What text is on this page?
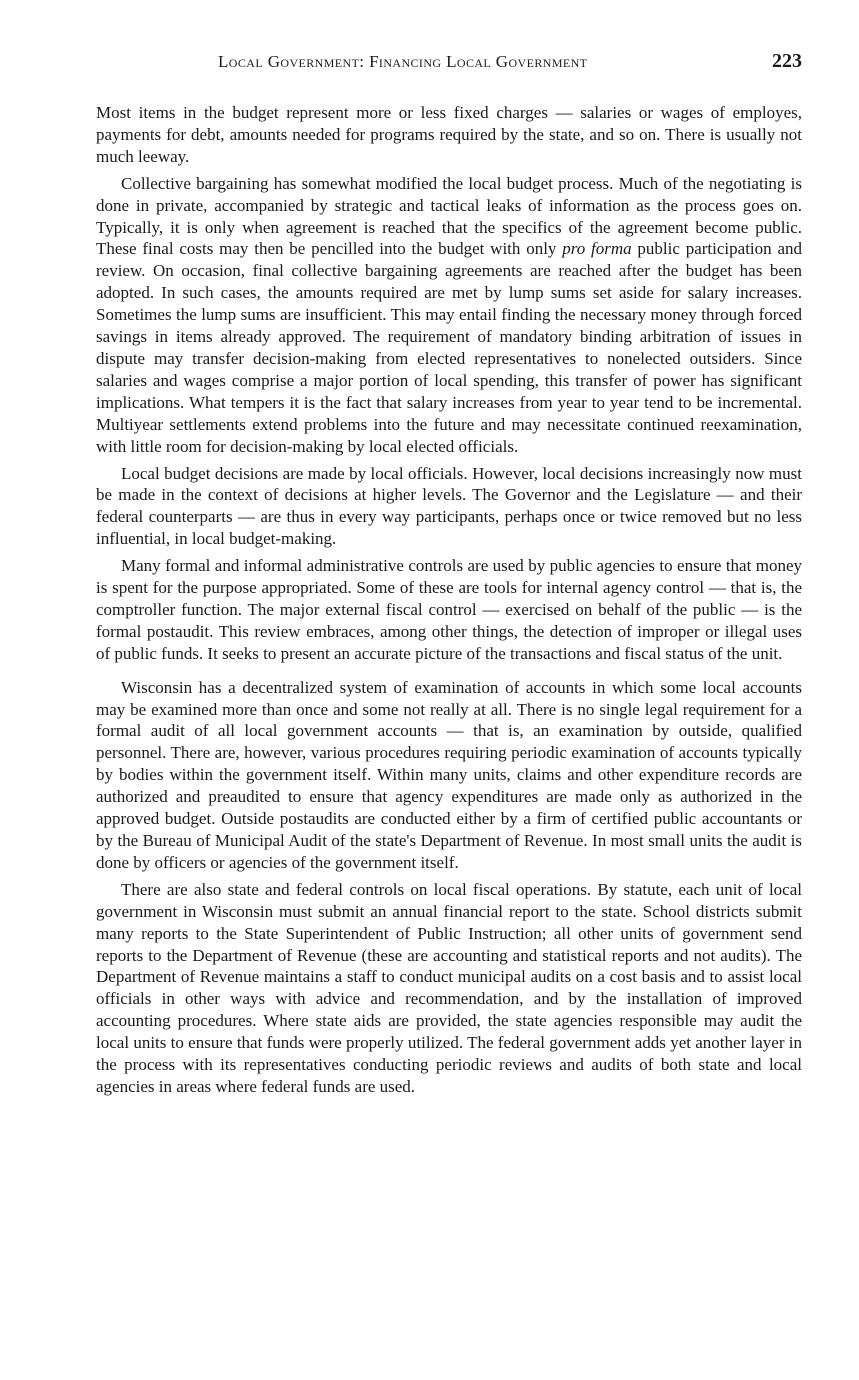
Local Government: Financing Local Government	223

Most items in the budget represent more or less fixed charges — salaries or wages of employes, payments for debt, amounts needed for programs required by the state, and so on. There is usually not much leeway.

Collective bargaining has somewhat modified the local budget process. Much of the negotiating is done in private, accompanied by strategic and tactical leaks of information as the process goes on. Typically, it is only when agreement is reached that the specifics of the agreement become public. These final costs may then be pencilled into the budget with only pro forma public participation and review. On occasion, final collective bargaining agreements are reached after the budget has been adopted. In such cases, the amounts required are met by lump sums set aside for salary increases. Sometimes the lump sums are insufficient. This may entail finding the necessary money through forced savings in items already approved. The requirement of mandatory binding arbitration of issues in dispute may transfer decision-making from elected representatives to nonelected outsiders. Since salaries and wages comprise a major portion of local spending, this transfer of power has significant implications. What tempers it is the fact that salary increases from year to year tend to be incremental. Multiyear settlements extend problems into the future and may necessitate continued reexamination, with little room for decision-making by local elected officials.

Local budget decisions are made by local officials. However, local decisions increasingly now must be made in the context of decisions at higher levels. The Governor and the Legislature — and their federal counterparts — are thus in every way participants, perhaps once or twice removed but no less influential, in local budget-making.

Many formal and informal administrative controls are used by public agencies to ensure that money is spent for the purpose appropriated. Some of these are tools for internal agency control — that is, the comptroller function. The major external fiscal control — exercised on behalf of the public — is the formal postaudit. This review embraces, among other things, the detection of improper or illegal uses of public funds. It seeks to present an accurate picture of the transactions and fiscal status of the unit.

Wisconsin has a decentralized system of examination of accounts in which some local accounts may be examined more than once and some not really at all. There is no single legal requirement for a formal audit of all local government accounts — that is, an examination by outside, qualified personnel. There are, however, various procedures requiring periodic examination of accounts typically by bodies within the government itself. Within many units, claims and other expenditure records are authorized and preaudited to ensure that agency expenditures are made only as authorized in the approved budget. Outside postaudits are conducted either by a firm of certified public accountants or by the Bureau of Municipal Audit of the state's Department of Revenue. In most small units the audit is done by officers or agencies of the government itself.

There are also state and federal controls on local fiscal operations. By statute, each unit of local government in Wisconsin must submit an annual financial report to the state. School districts submit many reports to the State Superintendent of Public Instruction; all other units of government send reports to the Department of Revenue (these are accounting and statistical reports and not audits). The Department of Revenue maintains a staff to conduct municipal audits on a cost basis and to assist local officials in other ways with advice and recommendation, and by the installation of improved accounting procedures. Where state aids are provided, the state agencies responsible may audit the local units to ensure that funds were properly utilized. The federal government adds yet another layer in the process with its representatives conducting periodic reviews and audits of both state and local agencies in areas where federal funds are used.
